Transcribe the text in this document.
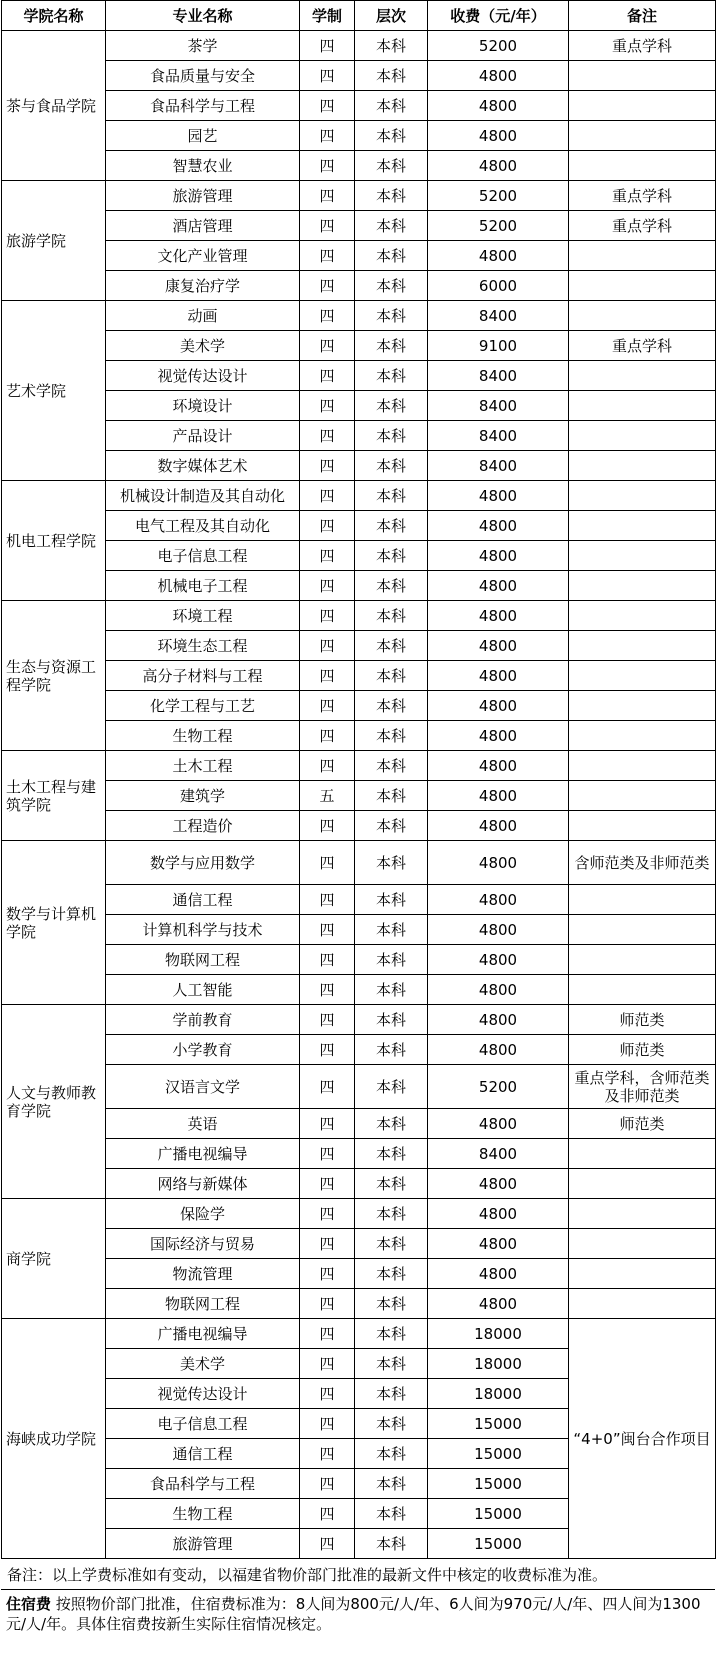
学院名称	专业名称	学制	层次	收费（元/年）	备注
茶与食品学院	茶学	四	本科	5200	重点学科
	食品质量与安全	四	本科	4800	
	食品科学与工程	四	本科	4800	
	园艺	四	本科	4800	
	智慧农业	四	本科	4800	
旅游学院	旅游管理	四	本科	5200	重点学科
	酒店管理	四	本科	5200	重点学科
	文化产业管理	四	本科	4800	
	康复治疗学	四	本科	6000	
艺术学院	动画	四	本科	8400	
	美术学	四	本科	9100	重点学科
	视觉传达设计	四	本科	8400	
	环境设计	四	本科	8400	
	产品设计	四	本科	8400	
	数字媒体艺术	四	本科	8400	
机电工程学院	机械设计制造及其自动化	四	本科	4800	
	电气工程及其自动化	四	本科	4800	
	电子信息工程	四	本科	4800	
	机械电子工程	四	本科	4800	
生态与资源工程学院	环境工程	四	本科	4800	
	环境生态工程	四	本科	4800	
	高分子材料与工程	四	本科	4800	
	化学工程与工艺	四	本科	4800	
	生物工程	四	本科	4800	
土木工程与建筑学院	土木工程	四	本科	4800	
	建筑学	五	本科	4800	
	工程造价	四	本科	4800	
数学与计算机学院	数学与应用数学	四	本科	4800	含师范类及非师范类
	通信工程	四	本科	4800	
	计算机科学与技术	四	本科	4800	
	物联网工程	四	本科	4800	
	人工智能	四	本科	4800	
人文与教师教育学院	学前教育	四	本科	4800	师范类
	小学教育	四	本科	4800	师范类
	汉语言文学	四	本科	5200	重点学科，含师范类及非师范类
	英语	四	本科	4800	师范类
	广播电视编导	四	本科	8400	
	网络与新媒体	四	本科	4800	
商学院	保险学	四	本科	4800	
	国际经济与贸易	四	本科	4800	
	物流管理	四	本科	4800	
	物联网工程	四	本科	4800	
海峡成功学院	广播电视编导	四	本科	18000	“4+0”闽台合作项目
	美术学	四	本科	18000	
	视觉传达设计	四	本科	18000	
	电子信息工程	四	本科	15000	
	通信工程	四	本科	15000	
	食品科学与工程	四	本科	15000	
	生物工程	四	本科	15000	
	旅游管理	四	本科	15000	
备注：以上学费标准如有变动，以福建省物价部门批准的最新文件中核定的收费标准为准。
住宿费 按照物价部门批准，住宿费标准为：8人间为800元/人/年、6人间为970元/人/年、四人间为1300元/人/年。具体住宿费按新生实际住宿情况核定。
